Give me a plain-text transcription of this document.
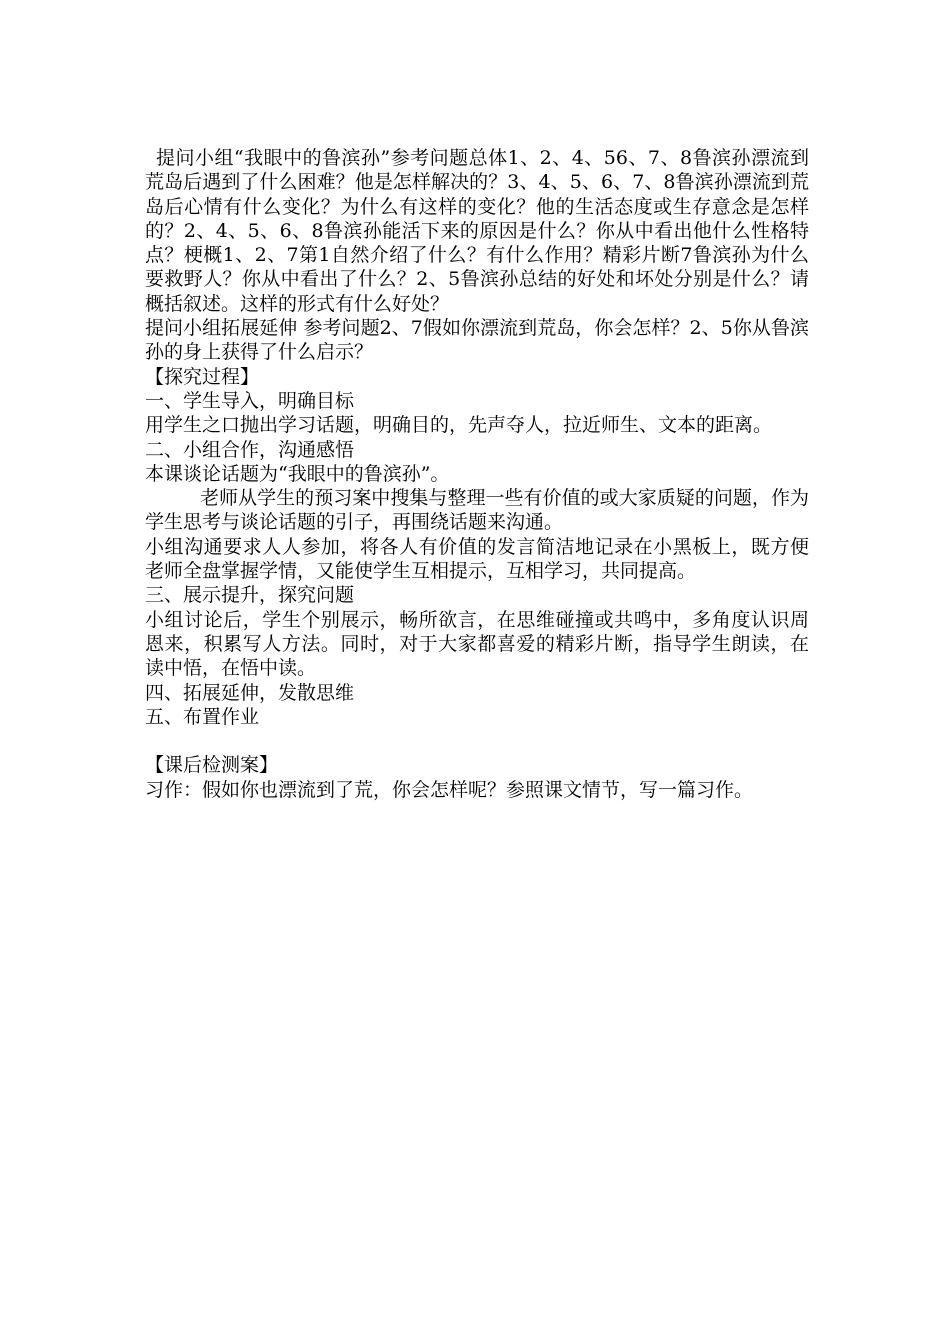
提问小组“我眼中的鲁滨孙”参考问题总体1、2、4、56、7、8鲁滨孙漂流到荒岛后遇到了什么困难？他是怎样解决的？3、4、5、6、7、8鲁滨孙漂流到荒岛后心情有什么变化？为什么有这样的变化？他的生活态度或生存意念是怎样的？2、4、5、6、8鲁滨孙能活下来的原因是什么？你从中看出他什么性格特点？梗概1、2、7第1自然介绍了什么？有什么作用？精彩片断7鲁滨孙为什么要救野人？你从中看出了什么？2、5鲁滨孙总结的好处和坏处分别是什么？请概括叙述。这样的形式有什么好处？

提问小组拓展延伸 参考问题2、7假如你漂流到荒岛，你会怎样？2、5你从鲁滨孙的身上获得了什么启示？

【探究过程】

一、学生导入，明确目标

用学生之口抛出学习话题，明确目的，先声夺人，拉近师生、文本的距离。

二、小组合作，沟通感悟

本课谈论话题为“我眼中的鲁滨孙”。

老师从学生的预习案中搜集与整理一些有价值的或大家质疑的问题，作为学生思考与谈论话题的引子，再围绕话题来沟通。

小组沟通要求人人参加，将各人有价值的发言简洁地记录在小黑板上，既方便老师全盘掌握学情，又能使学生互相提示，互相学习，共同提高。

三、展示提升，探究问题

小组讨论后，学生个别展示，畅所欲言，在思维碰撞或共鸣中，多角度认识周恩来，积累写人方法。同时，对于大家都喜爱的精彩片断，指导学生朗读，在读中悟，在悟中读。

四、拓展延伸，发散思维

五、布置作业

【课后检测案】

习作：假如你也漂流到了荒，你会怎样呢？参照课文情节，写一篇习作。
